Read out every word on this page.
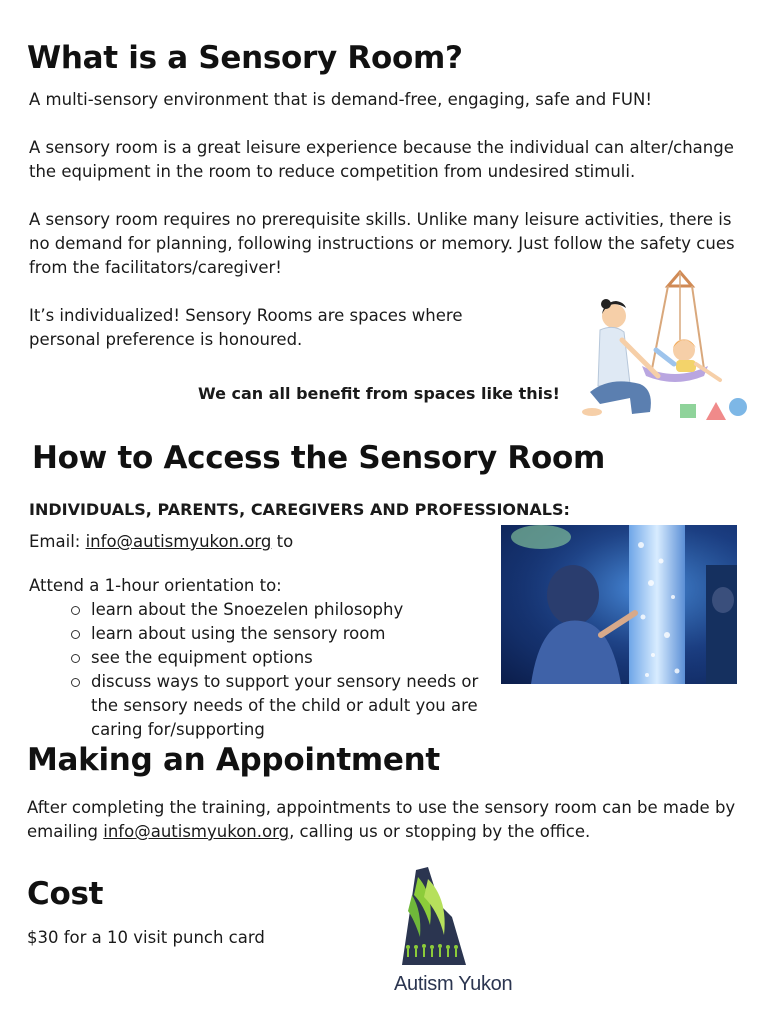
What is a Sensory Room?

A multi-sensory environment that is demand-free, engaging, safe and FUN!

A sensory room is a great leisure experience because the individual can alter/change the equipment in the room to reduce competition from undesired stimuli.

A sensory room requires no prerequisite skills. Unlike many leisure activities, there is no demand for planning, following instructions or memory. Just follow the safety cues from the facilitators/caregiver!

It’s individualized! Sensory Rooms are spaces where personal preference is honoured.

We can all benefit from spaces like this!

How to Access the Sensory Room

INDIVIDUALS, PARENTS, CAREGIVERS AND PROFESSIONALS:

Email: info@autismyukon.org to

Attend a 1-hour orientation to:

learn about the Snoezelen philosophy
learn about using the sensory room
see the equipment options
discuss ways to support your sensory needs or the sensory needs of the child or adult you are caring for/supporting
Making an Appointment

After completing the training, appointments to use the sensory room can be made by emailing info@autismyukon.org, calling us or stopping by the office.

Cost

$30 for a 10 visit punch card

Autism Yukon
